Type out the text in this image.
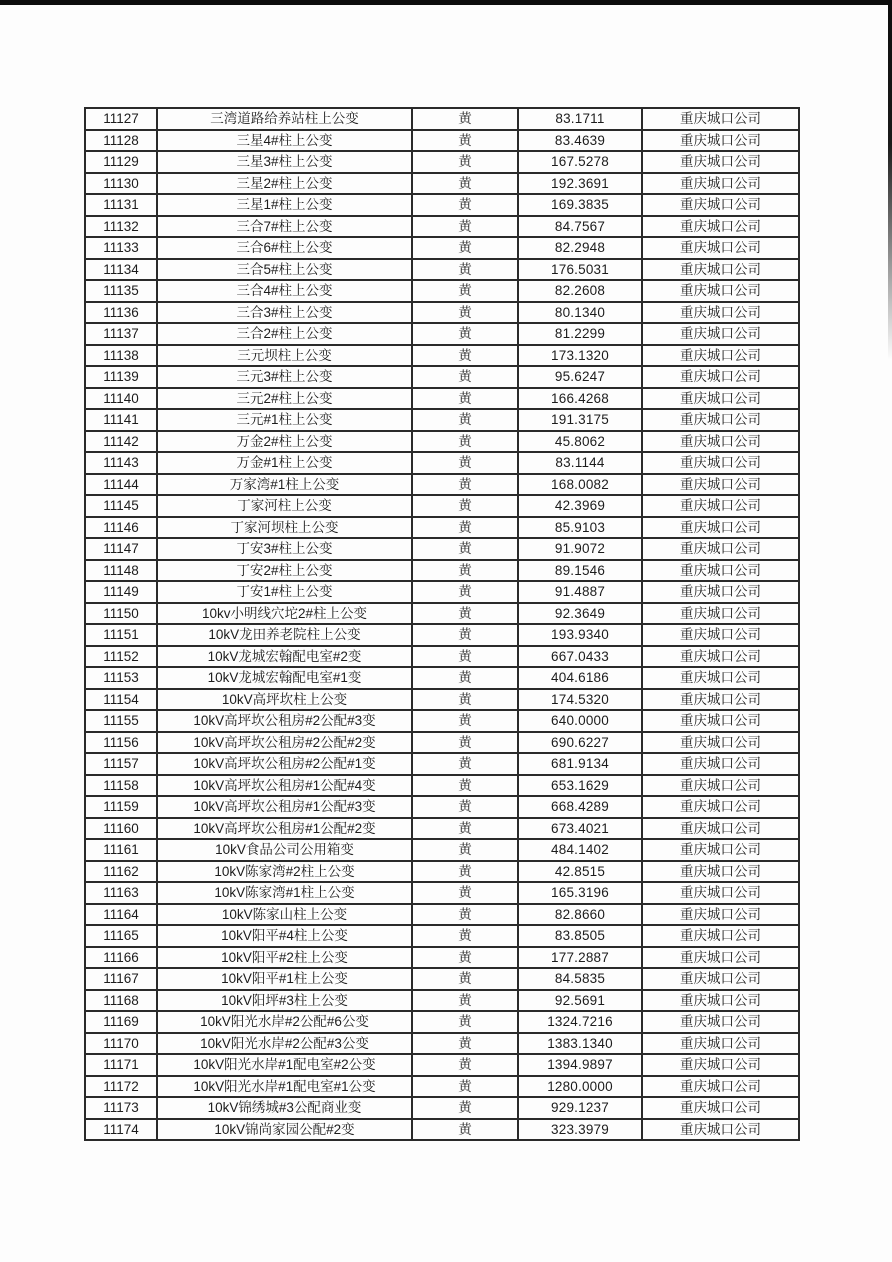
11127	三湾道路给养站柱上公变	黄	83.1711	重庆城口公司
11128	三星4#柱上公变	黄	83.4639	重庆城口公司
11129	三星3#柱上公变	黄	167.5278	重庆城口公司
11130	三星2#柱上公变	黄	192.3691	重庆城口公司
11131	三星1#柱上公变	黄	169.3835	重庆城口公司
11132	三合7#柱上公变	黄	84.7567	重庆城口公司
11133	三合6#柱上公变	黄	82.2948	重庆城口公司
11134	三合5#柱上公变	黄	176.5031	重庆城口公司
11135	三合4#柱上公变	黄	82.2608	重庆城口公司
11136	三合3#柱上公变	黄	80.1340	重庆城口公司
11137	三合2#柱上公变	黄	81.2299	重庆城口公司
11138	三元坝柱上公变	黄	173.1320	重庆城口公司
11139	三元3#柱上公变	黄	95.6247	重庆城口公司
11140	三元2#柱上公变	黄	166.4268	重庆城口公司
11141	三元#1柱上公变	黄	191.3175	重庆城口公司
11142	万金2#柱上公变	黄	45.8062	重庆城口公司
11143	万金#1柱上公变	黄	83.1144	重庆城口公司
11144	万家湾#1柱上公变	黄	168.0082	重庆城口公司
11145	丁家河柱上公变	黄	42.3969	重庆城口公司
11146	丁家河坝柱上公变	黄	85.9103	重庆城口公司
11147	丁安3#柱上公变	黄	91.9072	重庆城口公司
11148	丁安2#柱上公变	黄	89.1546	重庆城口公司
11149	丁安1#柱上公变	黄	91.4887	重庆城口公司
11150	10kv小明线穴坨2#柱上公变	黄	92.3649	重庆城口公司
11151	10kV龙田养老院柱上公变	黄	193.9340	重庆城口公司
11152	10kV龙城宏翰配电室#2变	黄	667.0433	重庆城口公司
11153	10kV龙城宏翰配电室#1变	黄	404.6186	重庆城口公司
11154	10kV高坪坎柱上公变	黄	174.5320	重庆城口公司
11155	10kV高坪坎公租房#2公配#3变	黄	640.0000	重庆城口公司
11156	10kV高坪坎公租房#2公配#2变	黄	690.6227	重庆城口公司
11157	10kV高坪坎公租房#2公配#1变	黄	681.9134	重庆城口公司
11158	10kV高坪坎公租房#1公配#4变	黄	653.1629	重庆城口公司
11159	10kV高坪坎公租房#1公配#3变	黄	668.4289	重庆城口公司
11160	10kV高坪坎公租房#1公配#2变	黄	673.4021	重庆城口公司
11161	10kV食品公司公用箱变	黄	484.1402	重庆城口公司
11162	10kV陈家湾#2柱上公变	黄	42.8515	重庆城口公司
11163	10kV陈家湾#1柱上公变	黄	165.3196	重庆城口公司
11164	10kV陈家山柱上公变	黄	82.8660	重庆城口公司
11165	10kV阳平#4柱上公变	黄	83.8505	重庆城口公司
11166	10kV阳平#2柱上公变	黄	177.2887	重庆城口公司
11167	10kV阳平#1柱上公变	黄	84.5835	重庆城口公司
11168	10kV阳坪#3柱上公变	黄	92.5691	重庆城口公司
11169	10kV阳光水岸#2公配#6公变	黄	1324.7216	重庆城口公司
11170	10kV阳光水岸#2公配#3公变	黄	1383.1340	重庆城口公司
11171	10kV阳光水岸#1配电室#2公变	黄	1394.9897	重庆城口公司
11172	10kV阳光水岸#1配电室#1公变	黄	1280.0000	重庆城口公司
11173	10kV锦绣城#3公配商业变	黄	929.1237	重庆城口公司
11174	10kV锦尚家园公配#2变	黄	323.3979	重庆城口公司
